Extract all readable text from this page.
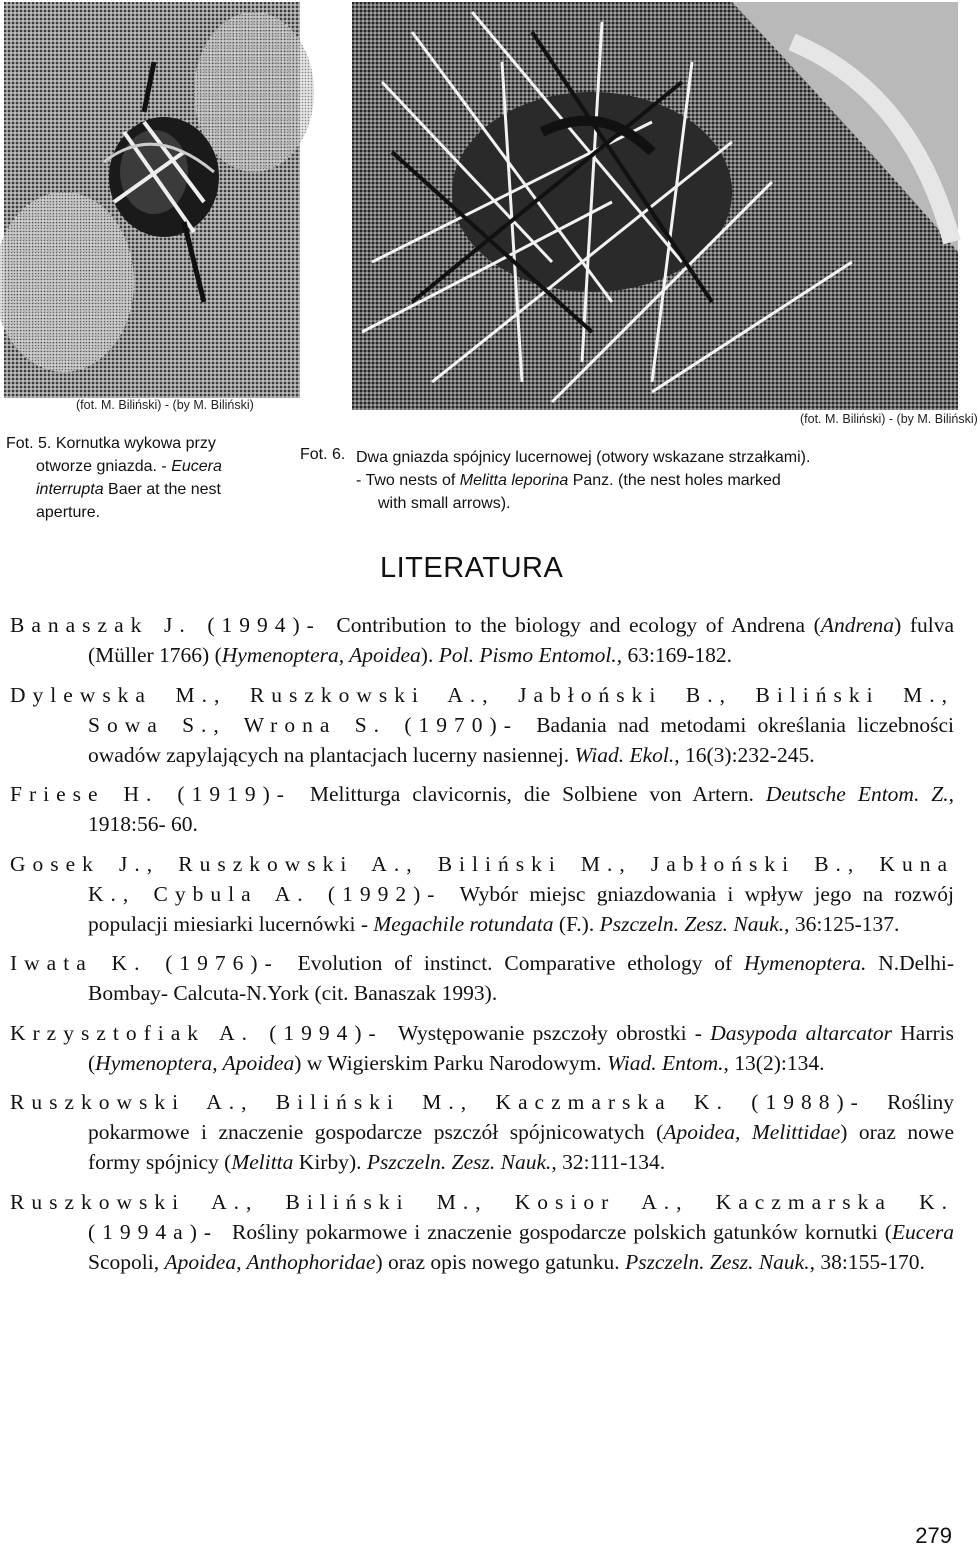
(fot. M. Biliński) - (by M. Biliński)
(fot. M. Biliński) - (by M. Biliński)

Fot. 5. Kornutka wykowa przy

otworze gniazda. - Eucera

interrupta Baer at the nest

aperture.

Fot. 6. Dwa gniazda spójnicy lucernowej (otwory wskazane strzałkami).

- Two nests of Melitta leporina Panz. (the nest holes marked

with small arrows).

LITERATURA

Banaszak J. (1994)- Contribution to the biology and ecology of Andrena (Andrena) fulva (Müller 1766) (Hymenoptera, Apoidea). Pol. Pismo Entomol., 63:169-182.

Dylewska M., Ruszkowski A., Jabłoński B., Biliński M., Sowa S., Wrona S. (1970)- Badania nad metodami określania liczebności owadów zapylających na plantacjach lucerny nasiennej. Wiad. Ekol., 16(3):232-245.

Friese H. (1919)- Melitturga clavicornis, die Solbiene von Artern. Deutsche Entom. Z., 1918:56- 60.

Gosek J., Ruszkowski A., Biliński M., Jabłoński B., Kuna K., Cybula A. (1992)- Wybór miejsc gniazdowania i wpływ jego na rozwój populacji miesiarki lucernówki - Megachile rotundata (F.). Pszczeln. Zesz. Nauk., 36:125-137.

Iwata K. (1976)- Evolution of instinct. Comparative ethology of Hymenoptera. N.Delhi-Bombay- Calcuta-N.York (cit. Banaszak 1993).

Krzysztofiak A. (1994)- Występowanie pszczoły obrostki - Dasypoda altarcator Harris (Hymenoptera, Apoidea) w Wigierskim Parku Narodowym. Wiad. Entom., 13(2):134.

Ruszkowski A., Biliński M., Kaczmarska K. (1988)- Rośliny pokarmowe i znaczenie gospodarcze pszczół spójnicowatych (Apoidea, Melittidae) oraz nowe formy spójnicy (Melitta Kirby). Pszczeln. Zesz. Nauk., 32:111-134.

Ruszkowski A., Biliński M., Kosior A., Kaczmarska K. (1994a)- Rośliny pokarmowe i znaczenie gospodarcze polskich gatunków kornutki (Eucera Scopoli, Apoidea, Anthophoridae) oraz opis nowego gatunku. Pszczeln. Zesz. Nauk., 38:155-170.

279
